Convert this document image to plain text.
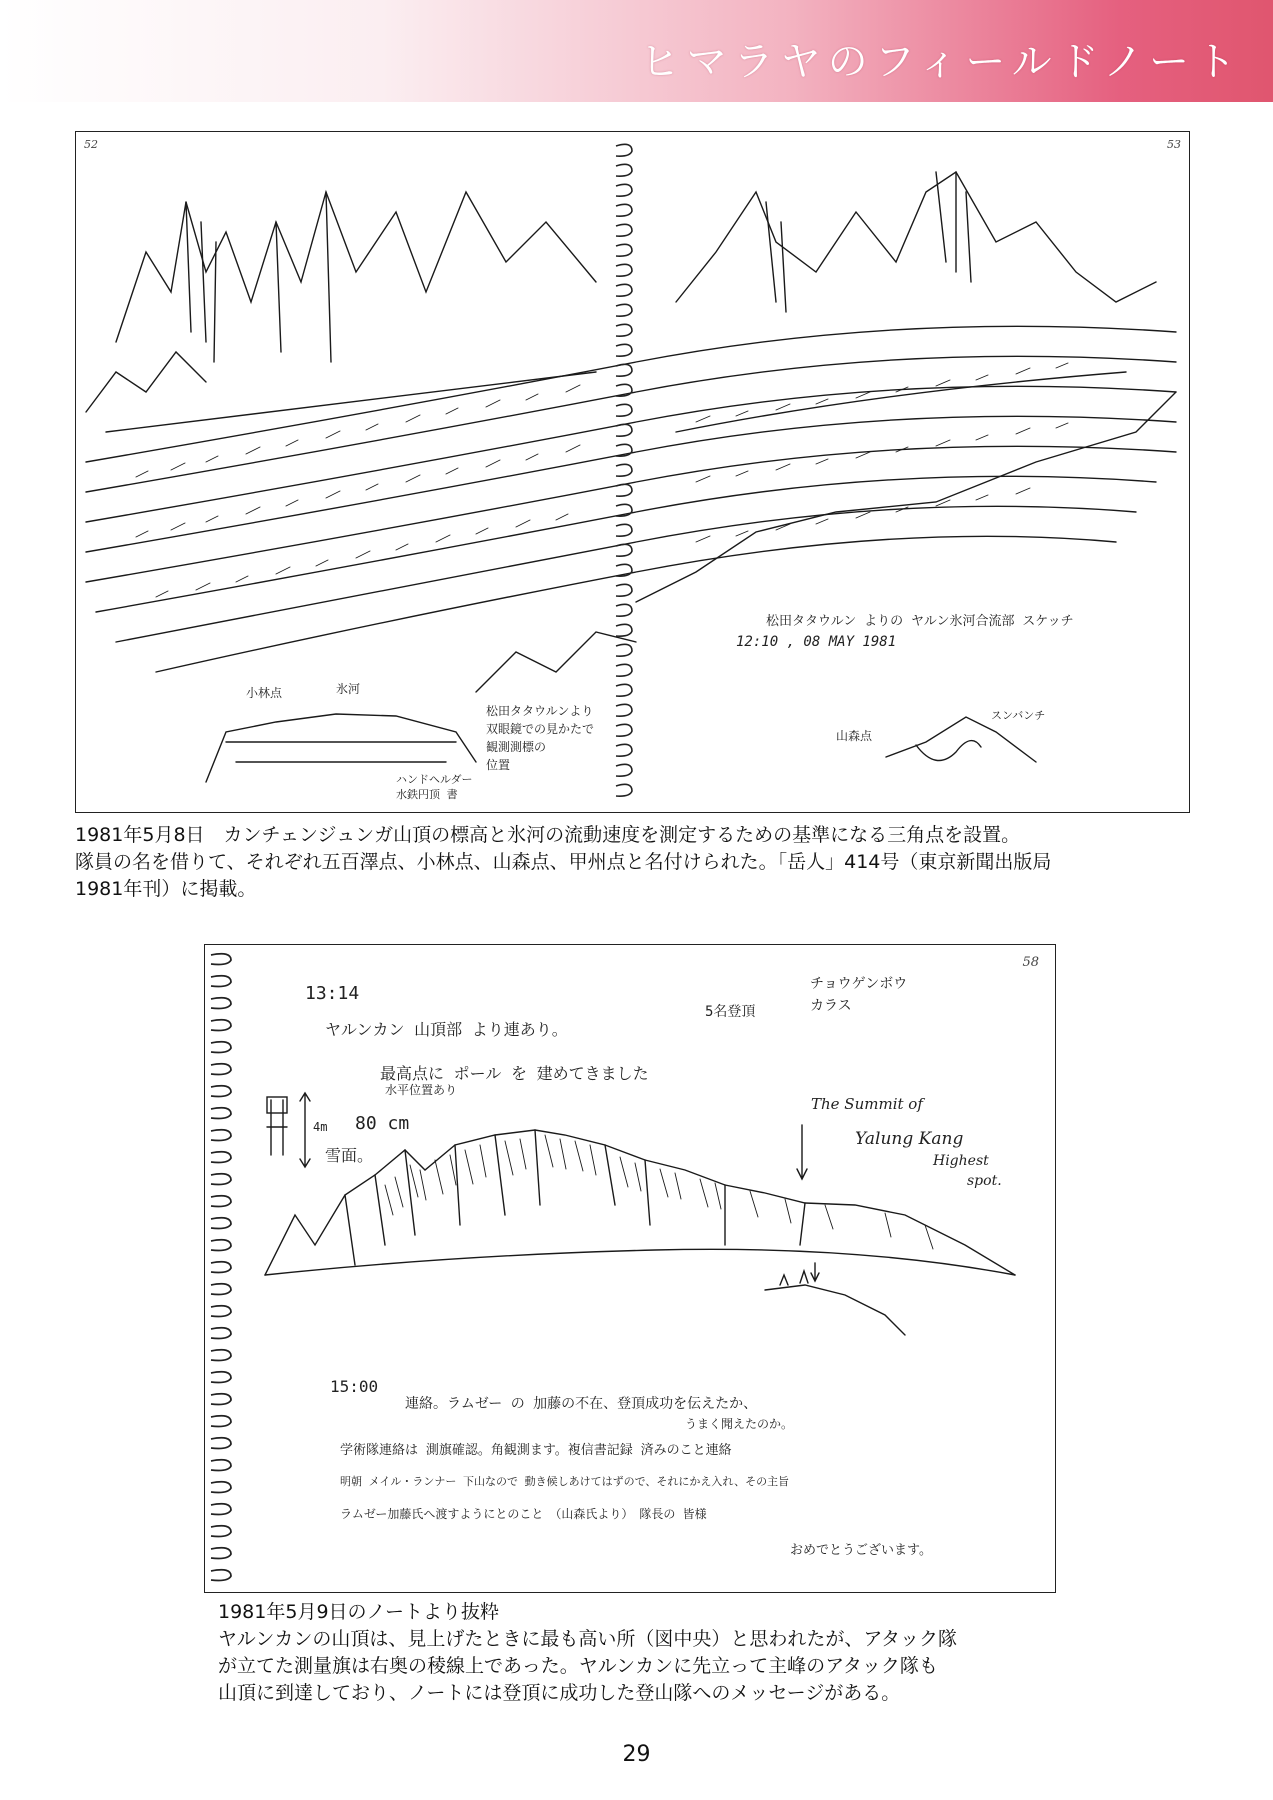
ヒマラヤのフィールドノート
52	53
松田タタウルン よりの ヤルン氷河合流部 スケッチ
12:10 , 08 MAY 1981
小林点	氷河
松田タタウルンより
双眼鏡での見かたで
観測測標の
位置
ハンドヘルダー
水鉄円顶 書
山森点
スンバンチ

1981年5月8日　カンチェンジュンガ山頂の標高と氷河の流動速度を測定するための基準になる三角点を設置。

隊員の名を借りて、それぞれ五百澤点、小林点、山森点、甲州点と名付けられた。「岳人」414号（東京新聞出版局

1981年刊）に掲載。

58
13:14
ヤルンカン 山頂部 より連あり。
最高点に ポール を 建めてきました
水平位置あり
4m 80 cm
雪面。
5名登頂
チョウゲンボウ
カラス
The Summit of
Yalung Kang
Highest
spot.
15:00
連絡。ラムゼー の 加藤の不在、登頂成功を伝えたか、
うまく聞えたのか。
学術隊連絡は 測旗確認。角観測ます。複信書記録 済みのこと連絡
明朝 メイル・ランナー 下山なので 動き候しあけてはずので、それにかえ入れ、その主旨
ラムゼー加藤氏へ渡すようにとのこと　（山森氏より）　隊長の 皆様
おめでとうございます。

1981年5月9日のノートより抜粋

ヤルンカンの山頂は、見上げたときに最も高い所（図中央）と思われたが、アタック隊

が立てた測量旗は右奥の稜線上であった。ヤルンカンに先立って主峰のアタック隊も

山頂に到達しており、ノートには登頂に成功した登山隊へのメッセージがある。

29
